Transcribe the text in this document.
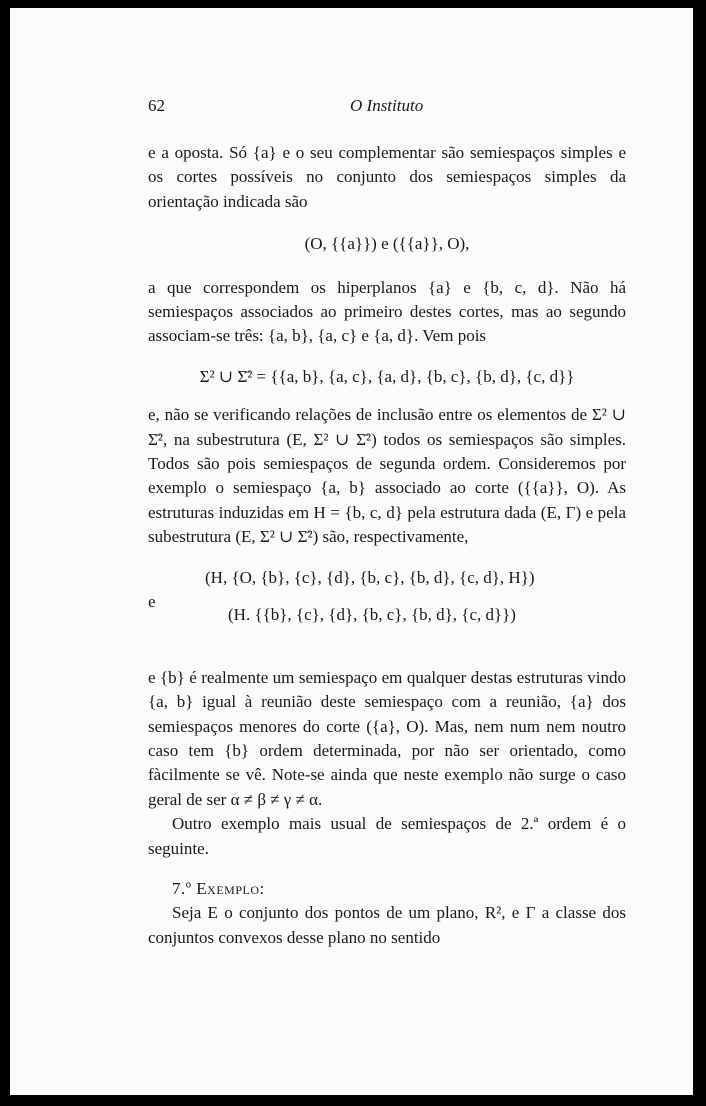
62	O Instituto
e a oposta. Só {a} e o seu complementar são semiespaços simples e os cortes possíveis no conjunto dos semiespaços simples da orientação indicada são
(O, {{a}}) e ({{a}}, O),
a que correspondem os hiperplanos {a} e {b, c, d}. Não há semiespaços associados ao primeiro destes cortes, mas ao segundo associam-se três: {a, b}, {a, c} e {a, d}. Vem pois
Σ² ∪ Σ̄² = {{a, b}, {a, c}, {a, d}, {b, c}, {b, d}, {c, d}}
e, não se verificando relações de inclusão entre os elementos de Σ² ∪ Σ̄², na subestrutura (E, Σ² ∪ Σ̄²) todos os semiespaços são simples. Todos são pois semiespaços de segunda ordem. Consideremos por exemplo o semiespaço {a, b} associado ao corte ({{a}}, O). As estruturas induzidas em H = {b, c, d} pela estrutura dada (E, Γ) e pela subestrutura (E, Σ² ∪ Σ̄²) são, respectivamente,
(H, {O, {b}, {c}, {d}, {b, c}, {b, d}, {c, d}, H})
e
(H. {{b}, {c}, {d}, {b, c}, {b, d}, {c, d}})
e {b} é realmente um semiespaço em qualquer destas estruturas vindo {a, b} igual à reunião deste semiespaço com a reunião, {a} dos semiespaços menores do corte ({a}, O). Mas, nem num nem noutro caso tem {b} ordem determinada, por não ser orientado, como fàcilmente se vê. Note-se ainda que neste exemplo não surge o caso geral de ser α ≠ β ≠ γ ≠ α.
Outro exemplo mais usual de semiespaços de 2.ª ordem é o seguinte.
7.º Exemplo:
Seja E o conjunto dos pontos de um plano, R², e Γ a classe dos conjuntos convexos desse plano no sentido
